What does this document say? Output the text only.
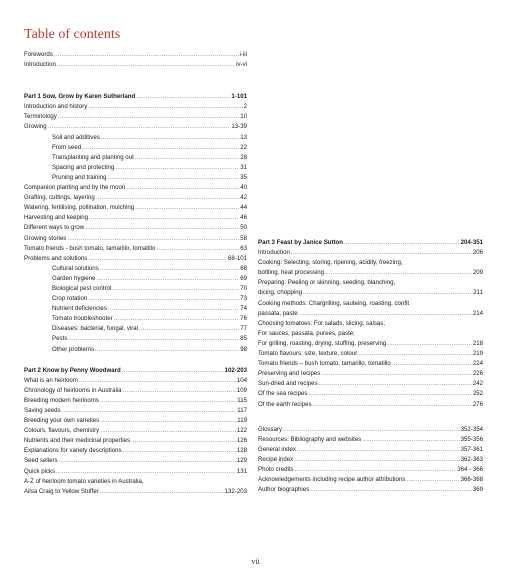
Table of contents
Forewords .....	i-iii
Introduction .....	iv-vi
Part 1 Sow, Grow by Karen Sutherland .....	1-101
Introduction and history .....	2
Terminology .....	10
Growing .....	13-39
Soil and additives .....	13
From seed .....	22
Transplanting and planting out .....	28
Spacing and protecting .....	31
Pruning and training .....	35
Companion planting and by the moon .....	40
Grafting, cuttings, layering .....	42
Watering, fertilising, pollination, mulching .....	44
Harvesting and keeping .....	46
Different ways to grow .....	50
Growing stories .....	58
Tomato friends - bush tomato, tamarillo, tomatillo .....	63
Problems and solutions .....	68-101
Cultural solutions .....	68
Garden hygiene .....	69
Biological pest control .....	70
Crop rotation .....	73
Nutrient deficiencies .....	74
Tomato troubleshooter .....	76
Diseases: bacterial, fungal, viral .....	77
Pests .....	85
Other problems .....	98
Part 2 Know by Penny Woodward .....	102-203
What is an heirloom .....	104
Chronology of heirlooms in Australia .....	109
Breeding modern heirlooms .....	115
Saving seeds .....	117
Breeding your own varieties .....	119
Colours, flavours, chemistry .....	122
Nutrients and their medicinal properties .....	126
Explanations for variety descriptions .....	128
Seed sellers .....	129
Quick picks .....	131
A-Z of heirloom tomato varieties in Australia,
Ailsa Craig to Yellow Stuffer .....	132-203
Part 3 Feast by Janice Sutton .....	204-351
Introduction .....	206
Cooking: Selecting, storing, ripening, acidity, freezing,
bottling, heat processing .....	209
Preparing: Peeling or skinning, seeding, blanching,
dicing, chopping .....	211
Cooking methods: Chargrilling, sauteing, roasting, confit
passata, paste .....	214
Choosing tomatoes: For salads, slicing, salsas;
For sauces, passata, purees, paste;
For grilling, roasting, drying, stuffing, preserving .....	218
Tomato flavours: size, texture, colour .....	219
Tomato friends – bush tomato, tamarillo, tomatillo .....	224
Preserving and recipes .....	226
Sun-dried and recipes .....	242
Of the sea recipes .....	252
Of the earth recipes .....	276
Glossary .....	352-354
Resources: Bibliography and websites .....	355-356
General index .....	357-361
Recipe index .....	362-363
Photo credits .....	364 - 366
Acknowledgements including recipe author attributions .....	366-368
Author biographies .....	369
vii
